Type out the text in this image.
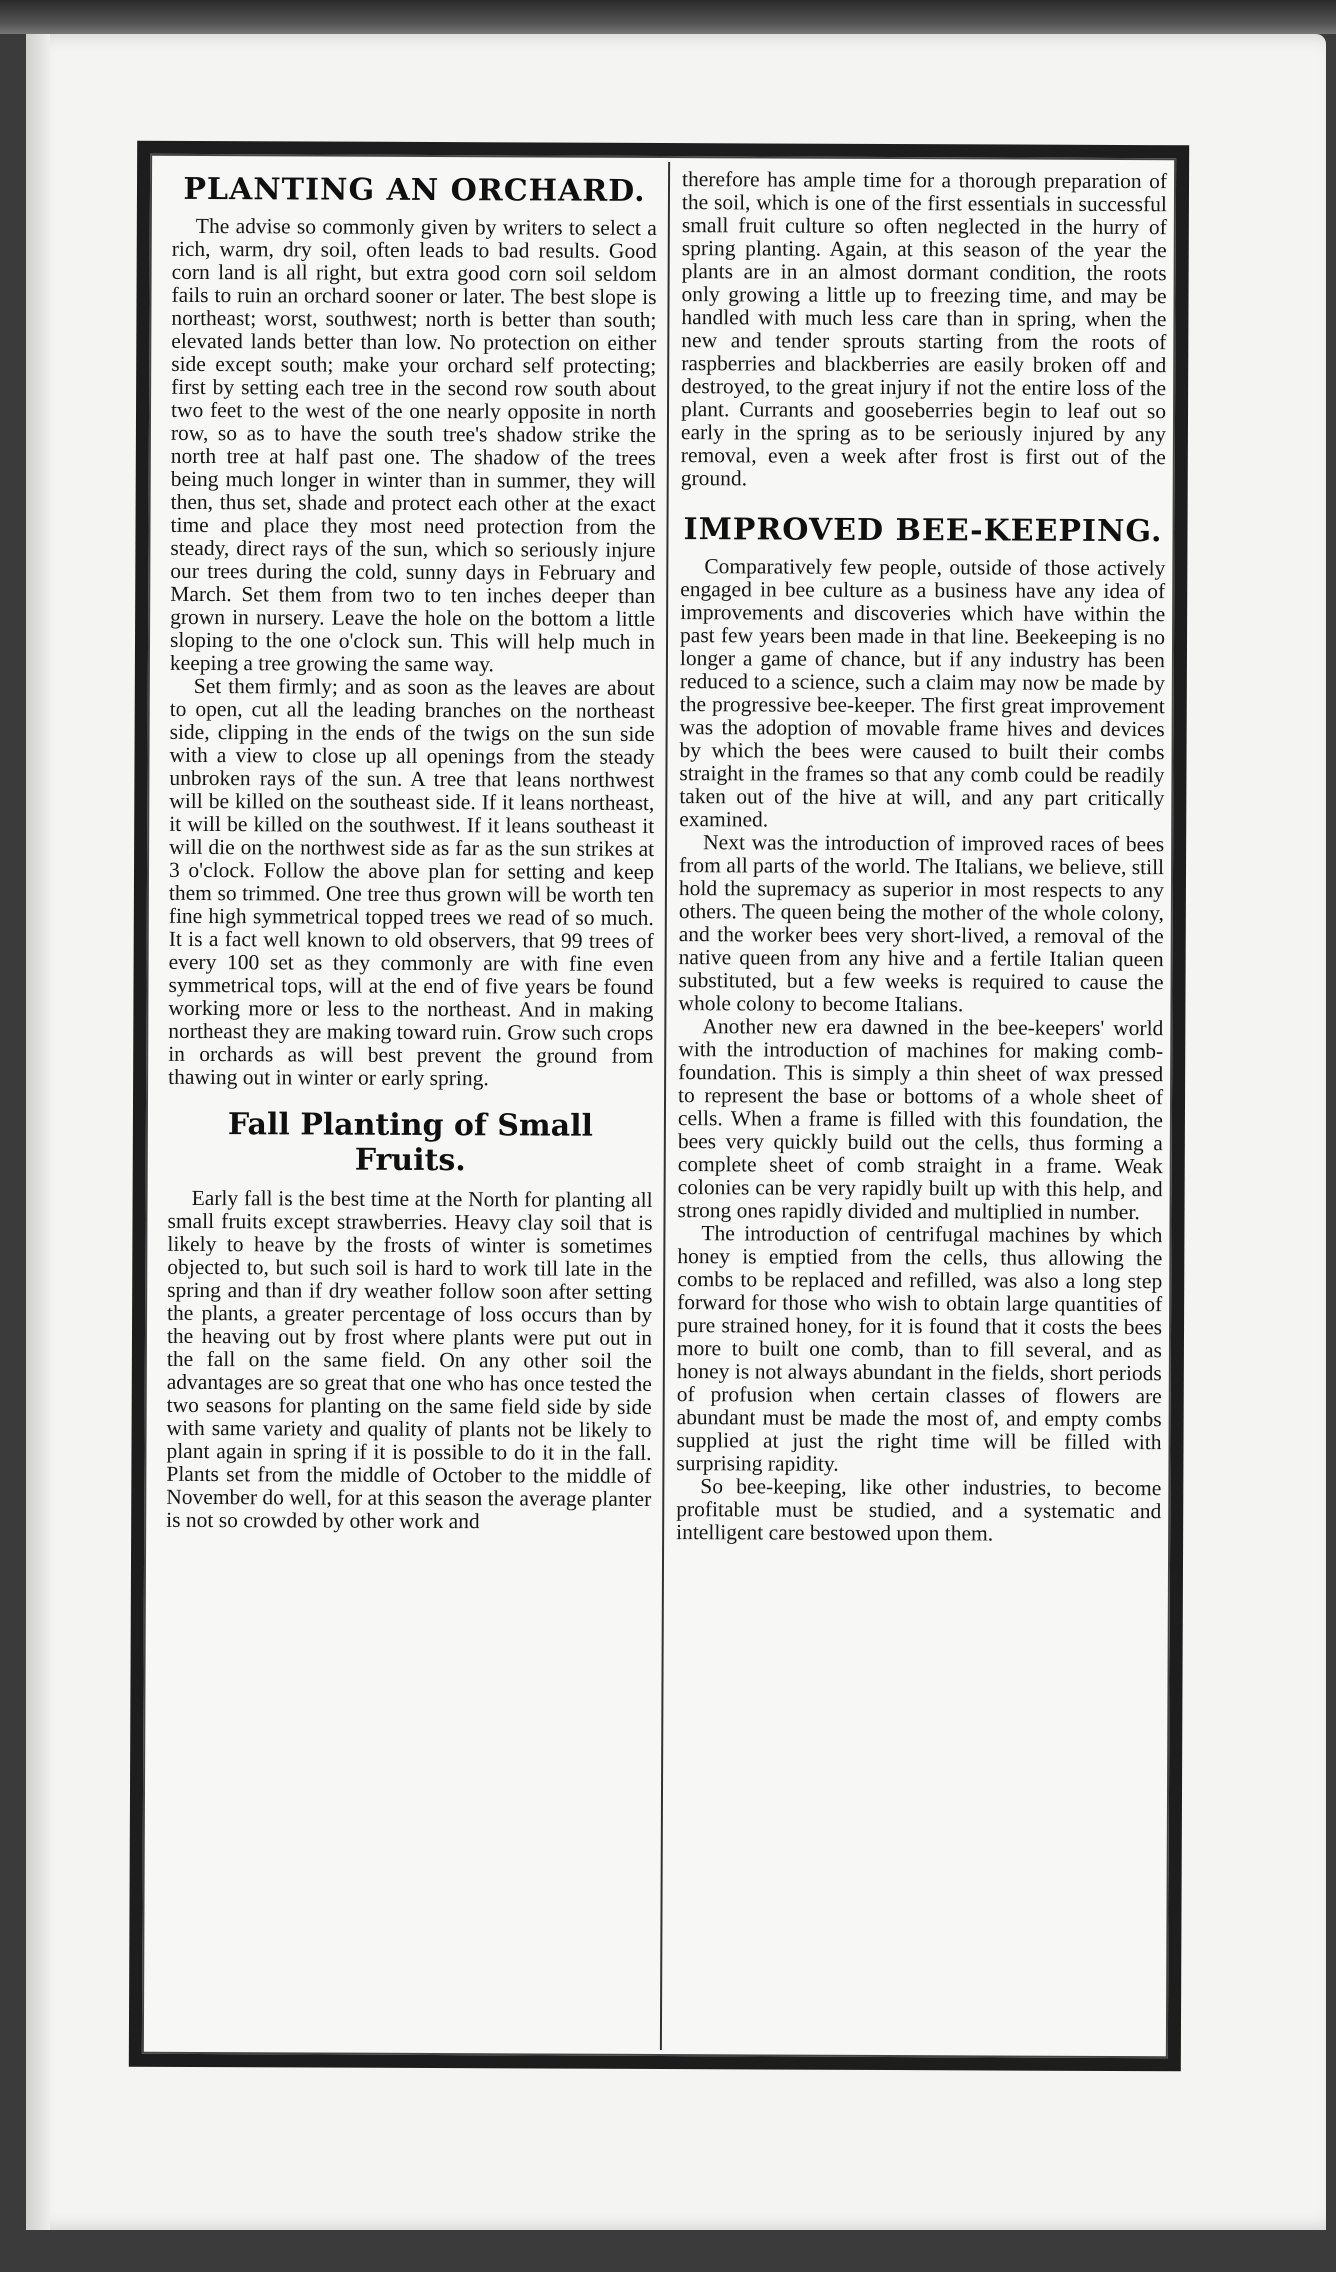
PLANTING AN ORCHARD.

The advise so commonly given by writers to select a rich, warm, dry soil, often leads to bad results. Good corn land is all right, but extra good corn soil seldom fails to ruin an orchard sooner or later. The best slope is northeast; worst, southwest; north is better than south; elevated lands better than low. No protection on either side except south; make your orchard self protecting; first by setting each tree in the second row south about two feet to the west of the one nearly opposite in north row, so as to have the south tree's shadow strike the north tree at half past one. The shadow of the trees being much longer in winter than in summer, they will then, thus set, shade and protect each other at the exact time and place they most need protection from the steady, direct rays of the sun, which so seriously injure our trees during the cold, sunny days in February and March. Set them from two to ten inches deeper than grown in nursery. Leave the hole on the bottom a little sloping to the one o'clock sun. This will help much in keeping a tree growing the same way.

Set them firmly; and as soon as the leaves are about to open, cut all the leading branches on the northeast side, clipping in the ends of the twigs on the sun side with a view to close up all openings from the steady unbroken rays of the sun. A tree that leans northwest will be killed on the southeast side. If it leans northeast, it will be killed on the southwest. If it leans southeast it will die on the northwest side as far as the sun strikes at 3 o'clock. Follow the above plan for setting and keep them so trimmed. One tree thus grown will be worth ten fine high symmetrical topped trees we read of so much. It is a fact well known to old observers, that 99 trees of every 100 set as they commonly are with fine even symmetrical tops, will at the end of five years be found working more or less to the northeast. And in making northeast they are making toward ruin. Grow such crops in orchards as will best prevent the ground from thawing out in winter or early spring.

Fall Planting of Small Fruits.

Early fall is the best time at the North for planting all small fruits except strawberries. Heavy clay soil that is likely to heave by the frosts of winter is sometimes objected to, but such soil is hard to work till late in the spring and than if dry weather follow soon after setting the plants, a greater percentage of loss occurs than by the heaving out by frost where plants were put out in the fall on the same field. On any other soil the advantages are so great that one who has once tested the two seasons for planting on the same field side by side with same variety and quality of plants not be likely to plant again in spring if it is possible to do it in the fall. Plants set from the middle of October to the middle of November do well, for at this season the average planter is not so crowded by other work and

therefore has ample time for a thorough preparation of the soil, which is one of the first essentials in successful small fruit culture so often neglected in the hurry of spring planting. Again, at this season of the year the plants are in an almost dormant condition, the roots only growing a little up to freezing time, and may be handled with much less care than in spring, when the new and tender sprouts starting from the roots of raspberries and blackberries are easily broken off and destroyed, to the great injury if not the entire loss of the plant. Currants and gooseberries begin to leaf out so early in the spring as to be seriously injured by any removal, even a week after frost is first out of the ground.

IMPROVED BEE-KEEPING.

Comparatively few people, outside of those actively engaged in bee culture as a business have any idea of improvements and discoveries which have within the past few years been made in that line. Beekeeping is no longer a game of chance, but if any industry has been reduced to a science, such a claim may now be made by the progressive bee-keeper. The first great improvement was the adoption of movable frame hives and devices by which the bees were caused to built their combs straight in the frames so that any comb could be readily taken out of the hive at will, and any part critically examined.

Next was the introduction of improved races of bees from all parts of the world. The Italians, we believe, still hold the supremacy as superior in most respects to any others. The queen being the mother of the whole colony, and the worker bees very short-lived, a removal of the native queen from any hive and a fertile Italian queen substituted, but a few weeks is required to cause the whole colony to become Italians.

Another new era dawned in the bee-keepers' world with the introduction of machines for making comb-foundation. This is simply a thin sheet of wax pressed to represent the base or bottoms of a whole sheet of cells. When a frame is filled with this foundation, the bees very quickly build out the cells, thus forming a complete sheet of comb straight in a frame. Weak colonies can be very rapidly built up with this help, and strong ones rapidly divided and multiplied in number.

The introduction of centrifugal machines by which honey is emptied from the cells, thus allowing the combs to be replaced and refilled, was also a long step forward for those who wish to obtain large quantities of pure strained honey, for it is found that it costs the bees more to built one comb, than to fill several, and as honey is not always abundant in the fields, short periods of profusion when certain classes of flowers are abundant must be made the most of, and empty combs supplied at just the right time will be filled with surprising rapidity.

So bee-keeping, like other industries, to become profitable must be studied, and a systematic and intelligent care bestowed upon them.
